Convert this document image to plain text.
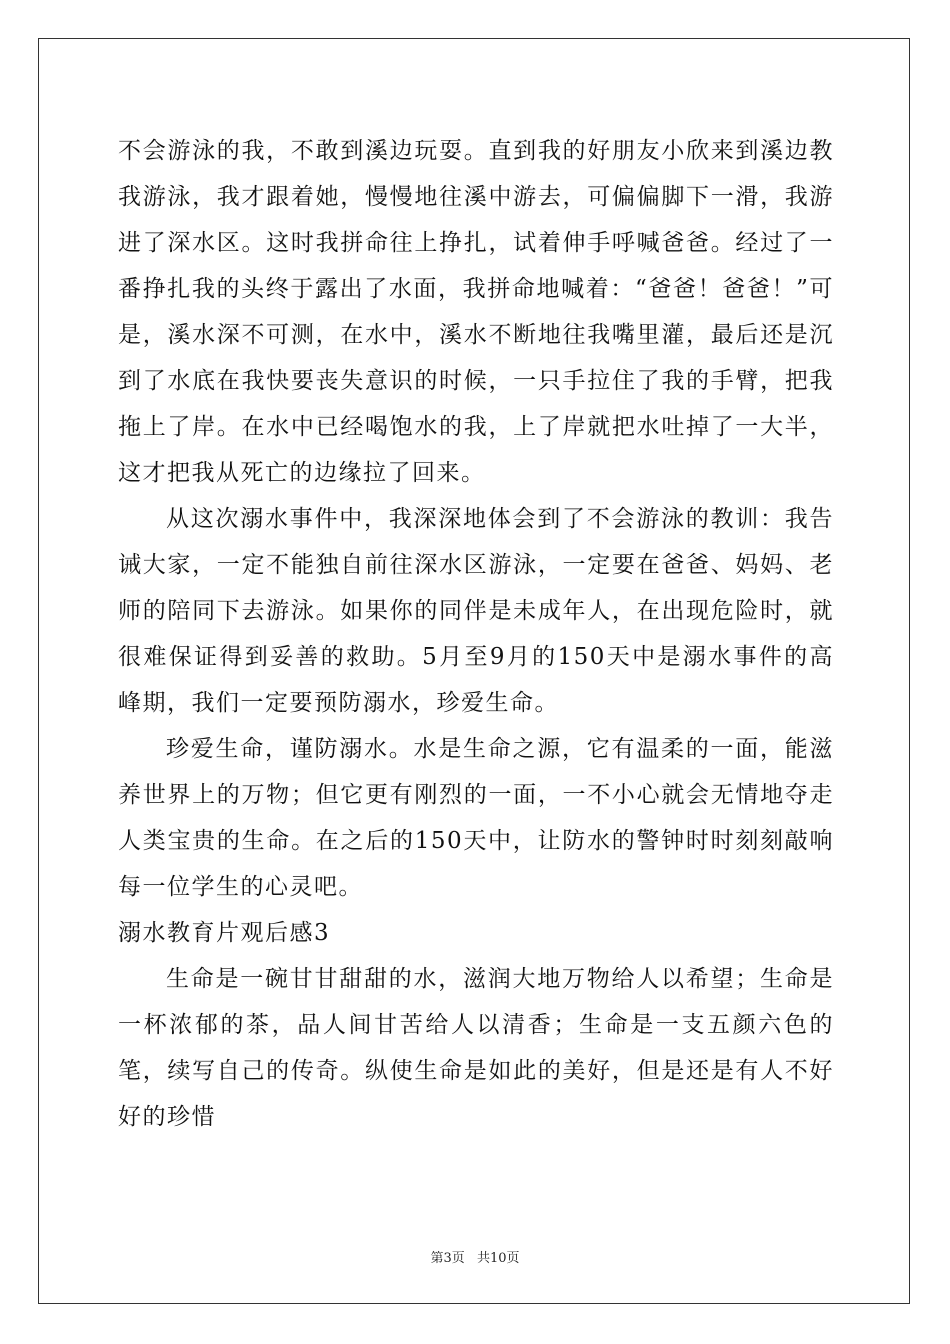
不会游泳的我，不敢到溪边玩耍。直到我的好朋友小欣来到溪边教我游泳，我才跟着她，慢慢地往溪中游去，可偏偏脚下一滑，我游进了深水区。这时我拼命往上挣扎，试着伸手呼喊爸爸。经过了一番挣扎我的头终于露出了水面，我拼命地喊着：“爸爸！爸爸！”可是，溪水深不可测，在水中，溪水不断地往我嘴里灌，最后还是沉到了水底在我快要丧失意识的时候，一只手拉住了我的手臂，把我拖上了岸。在水中已经喝饱水的我，上了岸就把水吐掉了一大半，这才把我从死亡的边缘拉了回来。

从这次溺水事件中，我深深地体会到了不会游泳的教训：我告诫大家，一定不能独自前往深水区游泳，一定要在爸爸、妈妈、老师的陪同下去游泳。如果你的同伴是未成年人，在出现危险时，就很难保证得到妥善的救助。5月至9月的150天中是溺水事件的高峰期，我们一定要预防溺水，珍爱生命。

珍爱生命，谨防溺水。水是生命之源，它有温柔的一面，能滋养世界上的万物；但它更有刚烈的一面，一不小心就会无情地夺走人类宝贵的生命。在之后的150天中，让防水的警钟时时刻刻敲响每一位学生的心灵吧。

溺水教育片观后感3

生命是一碗甘甘甜甜的水，滋润大地万物给人以希望；生命是一杯浓郁的茶，品人间甘苦给人以清香；生命是一支五颜六色的笔，续写自己的传奇。纵使生命是如此的美好，但是还是有人不好好的珍惜

第3页 共10页
